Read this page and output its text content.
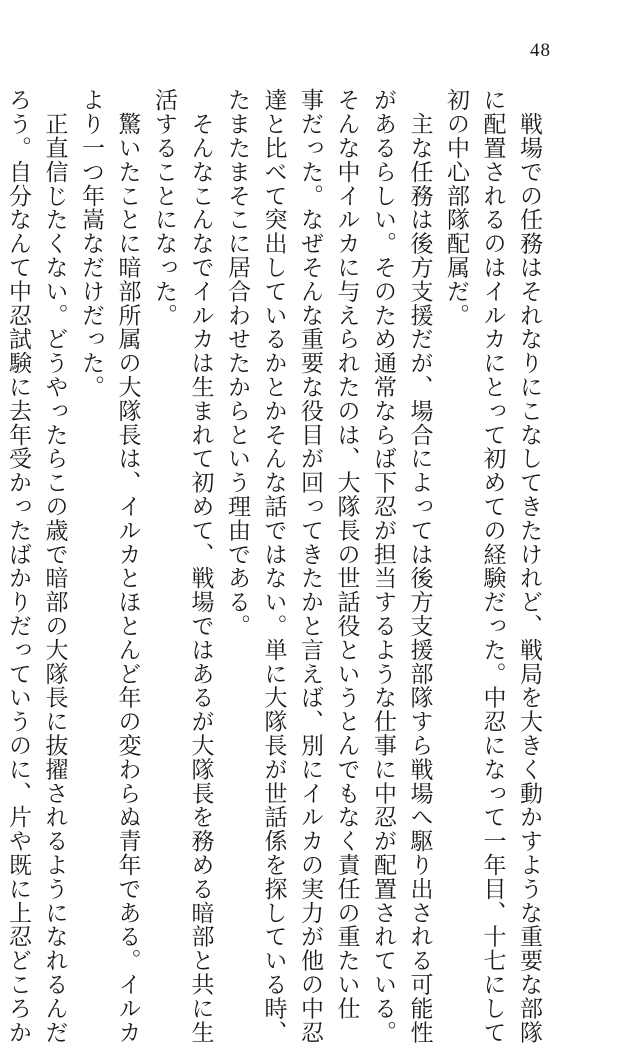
48

　戦場での任務はそれなりにこなしてきたけれど、戦局を大きく動かすような重要な部隊

に配置されるのはイルカにとって初めての経験だった。中忍になって一年目、十七にして

初の中心部隊配属だ。

　主な任務は後方支援だが、場合によっては後方支援部隊すら戦場へ駆り出される可能性

があるらしい。そのため通常ならば下忍が担当するような仕事に中忍が配置されている。

そんな中イルカに与えられたのは、大隊長の世話役というとんでもなく責任の重たい仕

事だった。なぜそんな重要な役目が回ってきたかと言えば、別にイルカの実力が他の中忍

達と比べて突出しているかとかそんな話ではない。単に大隊長が世話係を探している時、

たまたまそこに居合わせたからという理由である。

　そんなこんなでイルカは生まれて初めて、戦場ではあるが大隊長を務める暗部と共に生

活することになった。

　驚いたことに暗部所属の大隊長は、イルカとほとんど年の変わらぬ青年である。イルカ

より一つ年嵩なだけだった。

　正直信じたくない。どうやったらこの歳で暗部の大隊長に抜擢されるようになれるんだ

ろう。自分なんて中忍試験に去年受かったばかりだっていうのに、片や既に上忍どころか
